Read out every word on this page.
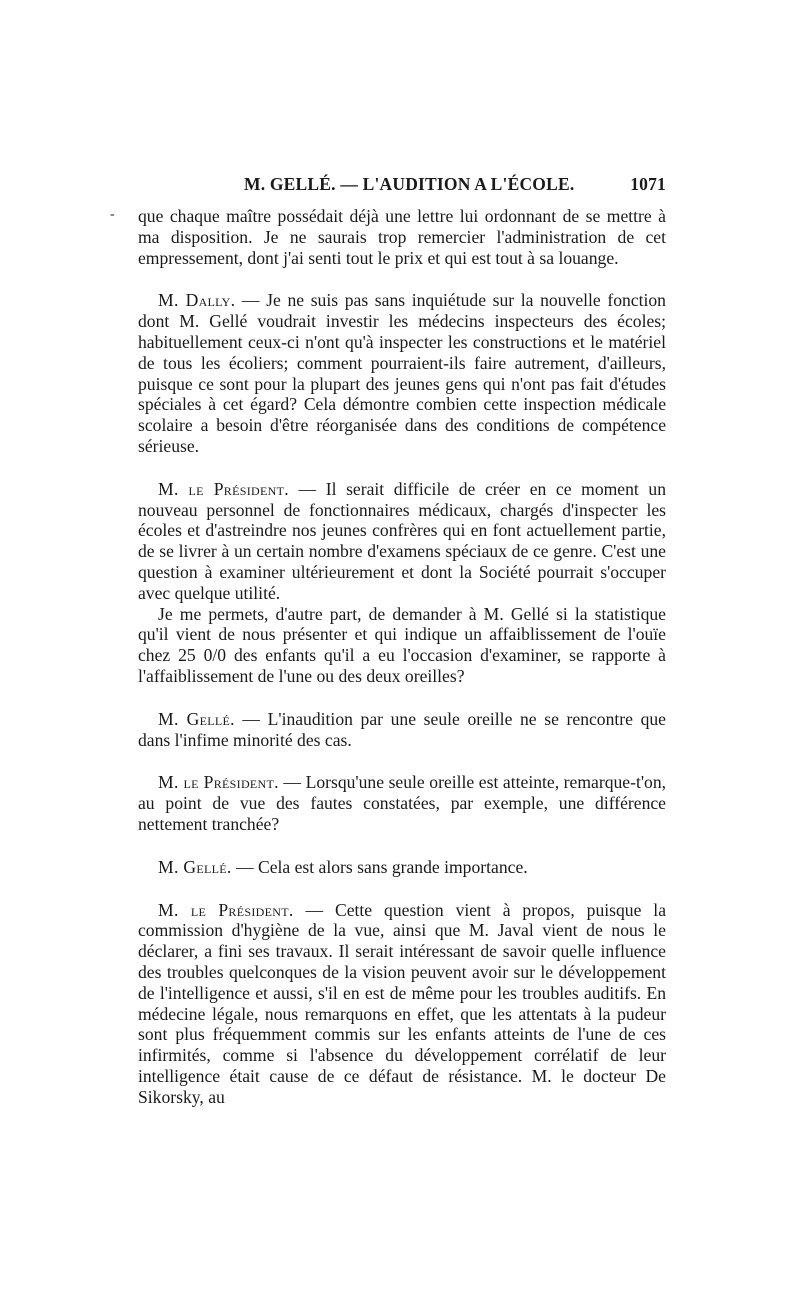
-
M. GELLÉ. — L'AUDITION A L'ÉCOLE.	1071

que chaque maître possédait déjà une lettre lui ordonnant de se mettre à ma disposition. Je ne saurais trop remercier l'administration de cet empressement, dont j'ai senti tout le prix et qui est tout à sa louange.

M. Dally. — Je ne suis pas sans inquiétude sur la nouvelle fonction dont M. Gellé voudrait investir les médecins inspecteurs des écoles; habituellement ceux-ci n'ont qu'à inspecter les constructions et le matériel de tous les écoliers; comment pourraient-ils faire autrement, d'ailleurs, puisque ce sont pour la plupart des jeunes gens qui n'ont pas fait d'études spéciales à cet égard? Cela démontre combien cette inspection médicale scolaire a besoin d'être réorganisée dans des conditions de compétence sérieuse.

M. le Président. — Il serait difficile de créer en ce moment un nouveau personnel de fonctionnaires médicaux, chargés d'inspecter les écoles et d'astreindre nos jeunes confrères qui en font actuellement partie, de se livrer à un certain nombre d'examens spéciaux de ce genre. C'est une question à examiner ultérieurement et dont la Société pourrait s'occuper avec quelque utilité.

Je me permets, d'autre part, de demander à M. Gellé si la statistique qu'il vient de nous présenter et qui indique un affaiblissement de l'ouïe chez 25 0/0 des enfants qu'il a eu l'occasion d'examiner, se rapporte à l'affaiblissement de l'une ou des deux oreilles?

M. Gellé. — L'inaudition par une seule oreille ne se rencontre que dans l'infime minorité des cas.

M. le Président. — Lorsqu'une seule oreille est atteinte, remarque-t'on, au point de vue des fautes constatées, par exemple, une différence nettement tranchée?

M. Gellé. — Cela est alors sans grande importance.

M. le Président. — Cette question vient à propos, puisque la commission d'hygiène de la vue, ainsi que M. Javal vient de nous le déclarer, a fini ses travaux. Il serait intéressant de savoir quelle influence des troubles quelconques de la vision peuvent avoir sur le développement de l'intelligence et aussi, s'il en est de même pour les troubles auditifs. En médecine légale, nous remarquons en effet, que les attentats à la pudeur sont plus fréquemment commis sur les enfants atteints de l'une de ces infirmités, comme si l'absence du développement corrélatif de leur intelligence était cause de ce défaut de résistance. M. le docteur De Sikorsky, au
